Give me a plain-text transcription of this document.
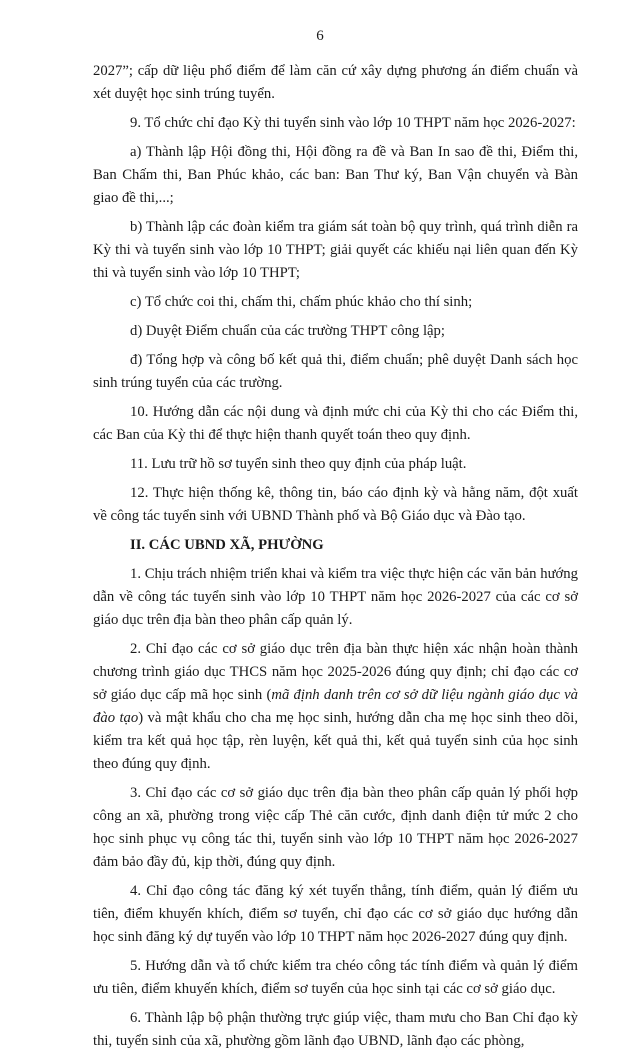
6

2027”; cấp dữ liệu phổ điểm để làm căn cứ xây dựng phương án điểm chuẩn và xét duyệt học sinh trúng tuyển.

9. Tổ chức chỉ đạo Kỳ thi tuyển sinh vào lớp 10 THPT năm học 2026-2027:

a) Thành lập Hội đồng thi, Hội đồng ra đề và Ban In sao đề thi, Điểm thi, Ban Chấm thi, Ban Phúc khảo, các ban: Ban Thư ký, Ban Vận chuyển và Bàn giao đề thi,...;

b) Thành lập các đoàn kiểm tra giám sát toàn bộ quy trình, quá trình diễn ra Kỳ thi và tuyển sinh vào lớp 10 THPT; giải quyết các khiếu nại liên quan đến Kỳ thi và tuyển sinh vào lớp 10 THPT;

c) Tổ chức coi thi, chấm thi, chấm phúc khảo cho thí sinh;

d) Duyệt Điểm chuẩn của các trường THPT công lập;

đ) Tổng hợp và công bố kết quả thi, điểm chuẩn; phê duyệt Danh sách học sinh trúng tuyển của các trường.

10. Hướng dẫn các nội dung và định mức chi của Kỳ thi cho các Điểm thi, các Ban của Kỳ thi để thực hiện thanh quyết toán theo quy định.

11. Lưu trữ hồ sơ tuyển sinh theo quy định của pháp luật.

12. Thực hiện thống kê, thông tin, báo cáo định kỳ và hằng năm, đột xuất về công tác tuyển sinh với UBND Thành phố và Bộ Giáo dục và Đào tạo.

II. CÁC UBND XÃ, PHƯỜNG

1. Chịu trách nhiệm triển khai và kiểm tra việc thực hiện các văn bản hướng dẫn về công tác tuyển sinh vào lớp 10 THPT năm học 2026-2027 của các cơ sở giáo dục trên địa bàn theo phân cấp quản lý.

2. Chỉ đạo các cơ sở giáo dục trên địa bàn thực hiện xác nhận hoàn thành chương trình giáo dục THCS năm học 2025-2026 đúng quy định; chỉ đạo các cơ sở giáo dục cấp mã học sinh (mã định danh trên cơ sở dữ liệu ngành giáo dục và đào tạo) và mật khẩu cho cha mẹ học sinh, hướng dẫn cha mẹ học sinh theo dõi, kiểm tra kết quả học tập, rèn luyện, kết quả thi, kết quả tuyển sinh của học sinh theo đúng quy định.

3. Chỉ đạo các cơ sở giáo dục trên địa bàn theo phân cấp quản lý phối hợp công an xã, phường trong việc cấp Thẻ căn cước, định danh điện tử mức 2 cho học sinh phục vụ công tác thi, tuyển sinh vào lớp 10 THPT năm học 2026-2027 đảm bảo đầy đủ, kịp thời, đúng quy định.

4. Chỉ đạo công tác đăng ký xét tuyển thẳng, tính điểm, quản lý điểm ưu tiên, điểm khuyến khích, điểm sơ tuyển, chỉ đạo các cơ sở giáo dục hướng dẫn học sinh đăng ký dự tuyển vào lớp 10 THPT năm học 2026-2027 đúng quy định.

5. Hướng dẫn và tổ chức kiểm tra chéo công tác tính điểm và quản lý điểm ưu tiên, điểm khuyến khích, điểm sơ tuyển của học sinh tại các cơ sở giáo dục.

6. Thành lập bộ phận thường trực giúp việc, tham mưu cho Ban Chỉ đạo kỳ thi, tuyển sinh của xã, phường gồm lãnh đạo UBND, lãnh đạo các phòng,
